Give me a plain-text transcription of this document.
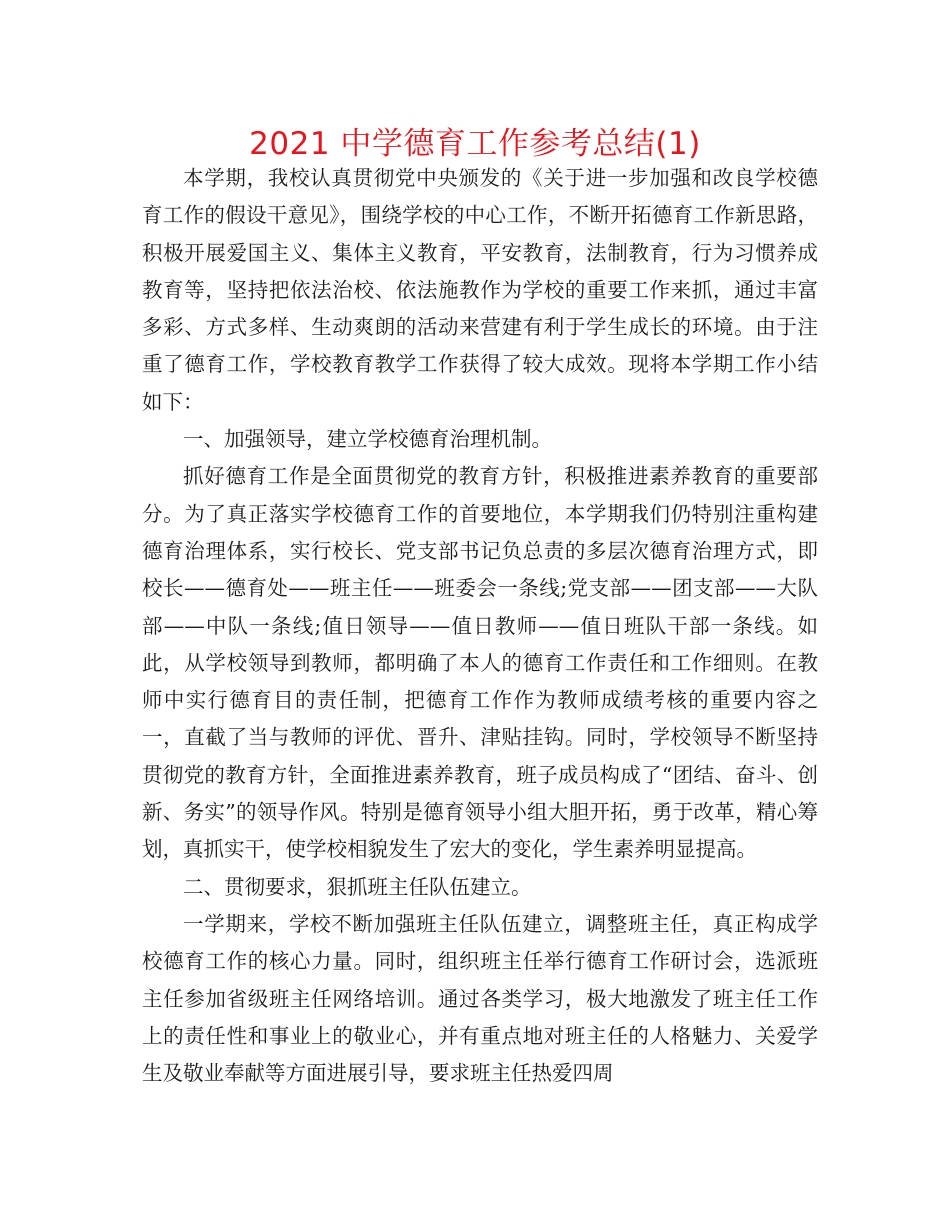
2021 中学德育工作参考总结(1)

本学期，我校认真贯彻党中央颁发的《关于进一步加强和改良学校德育工作的假设干意见》，围绕学校的中心工作，不断开拓德育工作新思路，积极开展爱国主义、集体主义教育，平安教育，法制教育，行为习惯养成教育等，坚持把依法治校、依法施教作为学校的重要工作来抓，通过丰富多彩、方式多样、生动爽朗的活动来营建有利于学生成长的环境。由于注重了德育工作，学校教育教学工作获得了较大成效。现将本学期工作小结如下：

一、加强领导，建立学校德育治理机制。

抓好德育工作是全面贯彻党的教育方针，积极推进素养教育的重要部分。为了真正落实学校德育工作的首要地位，本学期我们仍特别注重构建德育治理体系，实行校长、党支部书记负总责的多层次德育治理方式，即校长——德育处——班主任——班委会一条线;党支部——团支部——大队部——中队一条线;值日领导——值日教师——值日班队干部一条线。如此，从学校领导到教师，都明确了本人的德育工作责任和工作细则。在教师中实行德育目的责任制，把德育工作作为教师成绩考核的重要内容之一，直截了当与教师的评优、晋升、津贴挂钩。同时，学校领导不断坚持贯彻党的教育方针，全面推进素养教育，班子成员构成了“团结、奋斗、创新、务实”的领导作风。特别是德育领导小组大胆开拓，勇于改革，精心筹划，真抓实干，使学校相貌发生了宏大的变化，学生素养明显提高。

二、贯彻要求，狠抓班主任队伍建立。

一学期来，学校不断加强班主任队伍建立，调整班主任，真正构成学校德育工作的核心力量。同时，组织班主任举行德育工作研讨会，选派班主任参加省级班主任网络培训。通过各类学习，极大地激发了班主任工作上的责任性和事业上的敬业心，并有重点地对班主任的人格魅力、关爱学生及敬业奉献等方面进展引导，要求班主任热爱四周
